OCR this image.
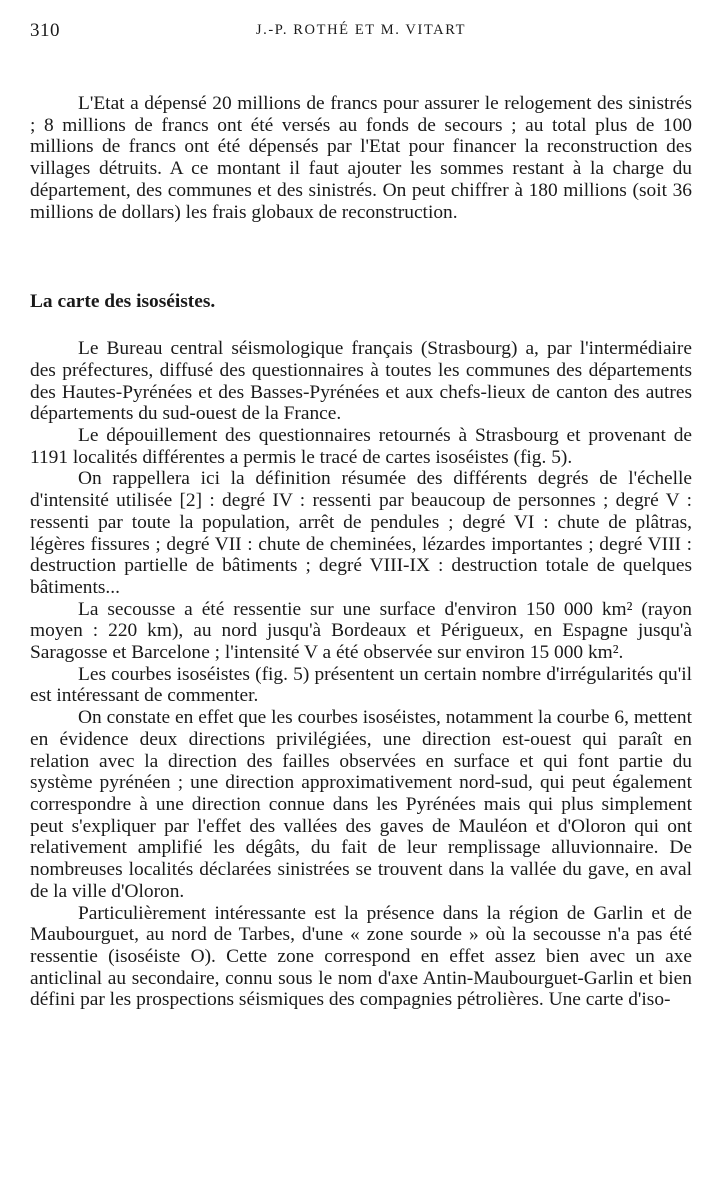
310	J.-P. ROTHÉ ET M. VITART

L'Etat a dépensé 20 millions de francs pour assurer le relogement des sinistrés ; 8 millions de francs ont été versés au fonds de secours ; au total plus de 100 millions de francs ont été dépensés par l'Etat pour financer la reconstruction des villages détruits. A ce montant il faut ajouter les sommes restant à la charge du département, des communes et des sinistrés. On peut chiffrer à 180 millions (soit 36 millions de dollars) les frais globaux de reconstruction.

La carte des isoséistes.

Le Bureau central séismologique français (Strasbourg) a, par l'intermédiaire des préfectures, diffusé des questionnaires à toutes les communes des départements des Hautes-Pyrénées et des Basses-Pyrénées et aux chefs-lieux de canton des autres départements du sud-ouest de la France.

Le dépouillement des questionnaires retournés à Strasbourg et provenant de 1191 localités différentes a permis le tracé de cartes isoséistes (fig. 5).

On rappellera ici la définition résumée des différents degrés de l'échelle d'intensité utilisée [2] : degré IV : ressenti par beaucoup de personnes ; degré V : ressenti par toute la population, arrêt de pendules ; degré VI : chute de plâtras, légères fissures ; degré VII : chute de cheminées, lézardes importantes ; degré VIII : destruction partielle de bâtiments ; degré VIII-IX : destruction totale de quelques bâtiments...

La secousse a été ressentie sur une surface d'environ 150 000 km² (rayon moyen : 220 km), au nord jusqu'à Bordeaux et Périgueux, en Espagne jusqu'à Saragosse et Barcelone ; l'intensité V a été observée sur environ 15 000 km².

Les courbes isoséistes (fig. 5) présentent un certain nombre d'irrégularités qu'il est intéressant de commenter.

On constate en effet que les courbes isoséistes, notamment la courbe 6, mettent en évidence deux directions privilégiées, une direction est-ouest qui paraît en relation avec la direction des failles observées en surface et qui font partie du système pyrénéen ; une direction approximativement nord-sud, qui peut également correspondre à une direction connue dans les Pyrénées mais qui plus simplement peut s'expliquer par l'effet des vallées des gaves de Mauléon et d'Oloron qui ont relativement amplifié les dégâts, du fait de leur remplissage alluvionnaire. De nombreuses localités déclarées sinistrées se trouvent dans la vallée du gave, en aval de la ville d'Oloron.

Particulièrement intéressante est la présence dans la région de Garlin et de Maubourguet, au nord de Tarbes, d'une « zone sourde » où la secousse n'a pas été ressentie (isoséiste O). Cette zone correspond en effet assez bien avec un axe anticlinal au secondaire, connu sous le nom d'axe Antin-Maubourguet-Garlin et bien défini par les prospections séismiques des compagnies pétrolières. Une carte d'iso-
